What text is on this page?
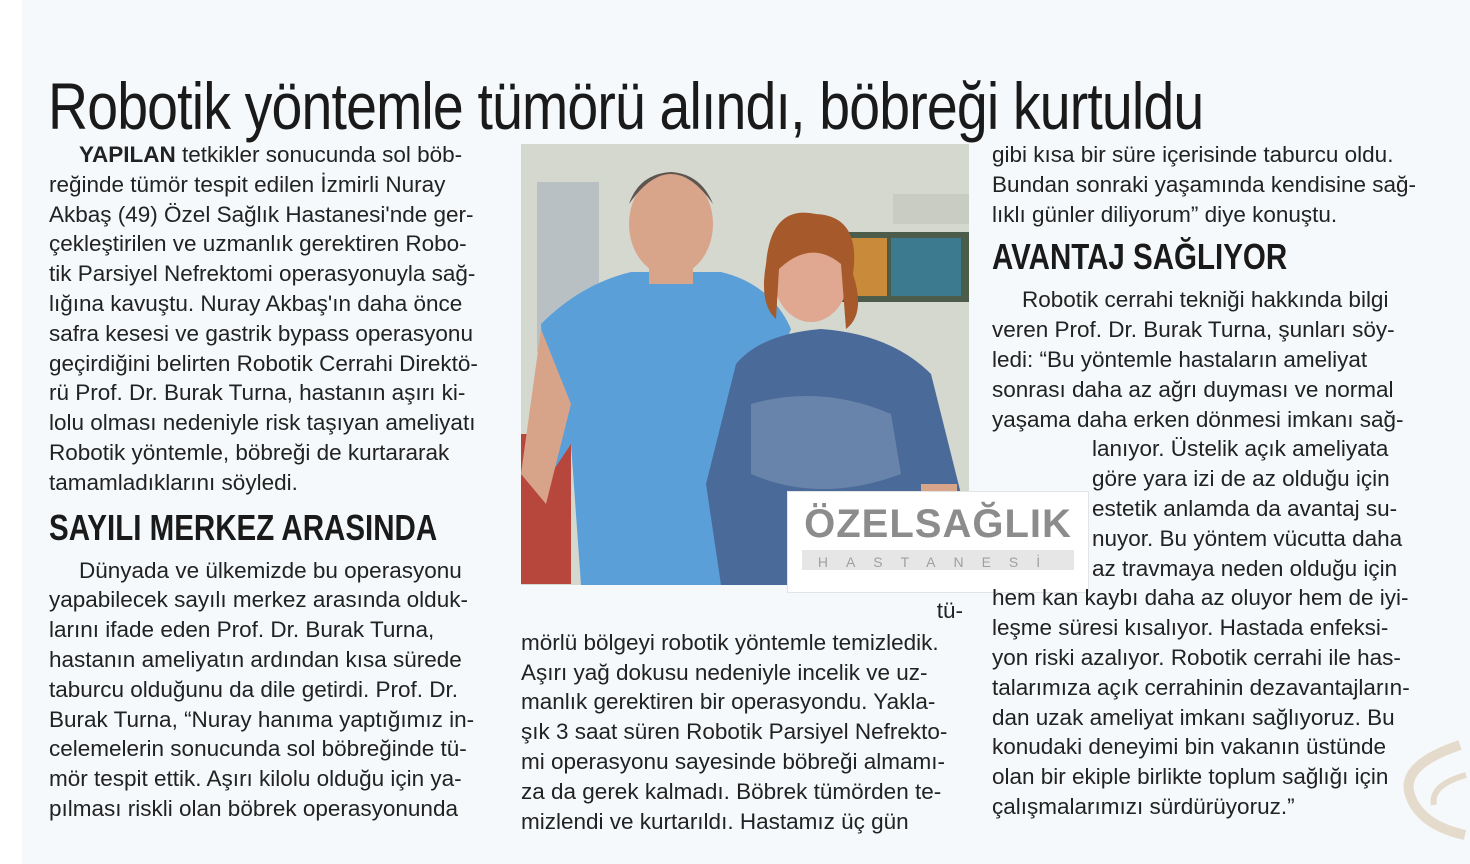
Robotik yöntemle tümörü alındı, böbreği kurtuldu

YAPILAN tetkikler sonucunda sol böb-

reğinde tümör tespit edilen İzmirli Nuray
Akbaş (49) Özel Sağlık Hastanesi'nde ger-
çekleştirilen ve uzmanlık gerektiren Robo-
tik Parsiyel Nefrektomi operasyonuyla sağ-
lığına kavuştu. Nuray Akbaş'ın daha önce
safra kesesi ve gastrik bypass operasyonu
geçirdiğini belirten Robotik Cerrahi Direktö-
rü Prof. Dr. Burak Turna, hastanın aşırı ki-
lolu olması nedeniyle risk taşıyan ameliyatı
Robotik yöntemle, böbreği de kurtararak
tamamladıklarını söyledi.
SAYILI MERKEZ ARASINDA
Dünyada ve ülkemizde bu operasyonu
yapabilecek sayılı merkez arasında olduk-
larını ifade eden Prof. Dr. Burak Turna,
hastanın ameliyatın ardından kısa sürede
taburcu olduğunu da dile getirdi. Prof. Dr.
Burak Turna, “Nuray hanıma yaptığımız in-
celemelerin sonucunda sol böbreğinde tü-
mör tespit ettik. Aşırı kilolu olduğu için ya-
pılması riskli olan böbrek operasyonunda
ÖZELSAĞLIK
HASTANESİ
tü-
mörlü bölgeyi robotik yöntemle temizledik.
Aşırı yağ dokusu nedeniyle incelik ve uz-
manlık gerektiren bir operasyondu. Yakla-
şık 3 saat süren Robotik Parsiyel Nefrekto-
mi operasyonu sayesinde böbreği almamı-
za da gerek kalmadı. Böbrek tümörden te-
mizlendi ve kurtarıldı. Hastamız üç gün
gibi kısa bir süre içerisinde taburcu oldu.
Bundan sonraki yaşamında kendisine sağ-
lıklı günler diliyorum” diye konuştu.
AVANTAJ SAĞLIYOR
Robotik cerrahi tekniği hakkında bilgi
veren Prof. Dr. Burak Turna, şunları söy-
ledi: “Bu yöntemle hastaların ameliyat
sonrası daha az ağrı duyması ve normal
yaşama daha erken dönmesi imkanı sağ-
lanıyor. Üstelik açık ameliyata
göre yara izi de az olduğu için
estetik anlamda da avantaj su-
nuyor. Bu yöntem vücutta daha
az travmaya neden olduğu için
hem kan kaybı daha az oluyor hem de iyi-
leşme süresi kısalıyor. Hastada enfeksi-
yon riski azalıyor. Robotik cerrahi ile has-
talarımıza açık cerrahinin dezavantajların-
dan uzak ameliyat imkanı sağlıyoruz. Bu
konudaki deneyimi bin vakanın üstünde
olan bir ekiple birlikte toplum sağlığı için
çalışmalarımızı sürdürüyoruz.”
